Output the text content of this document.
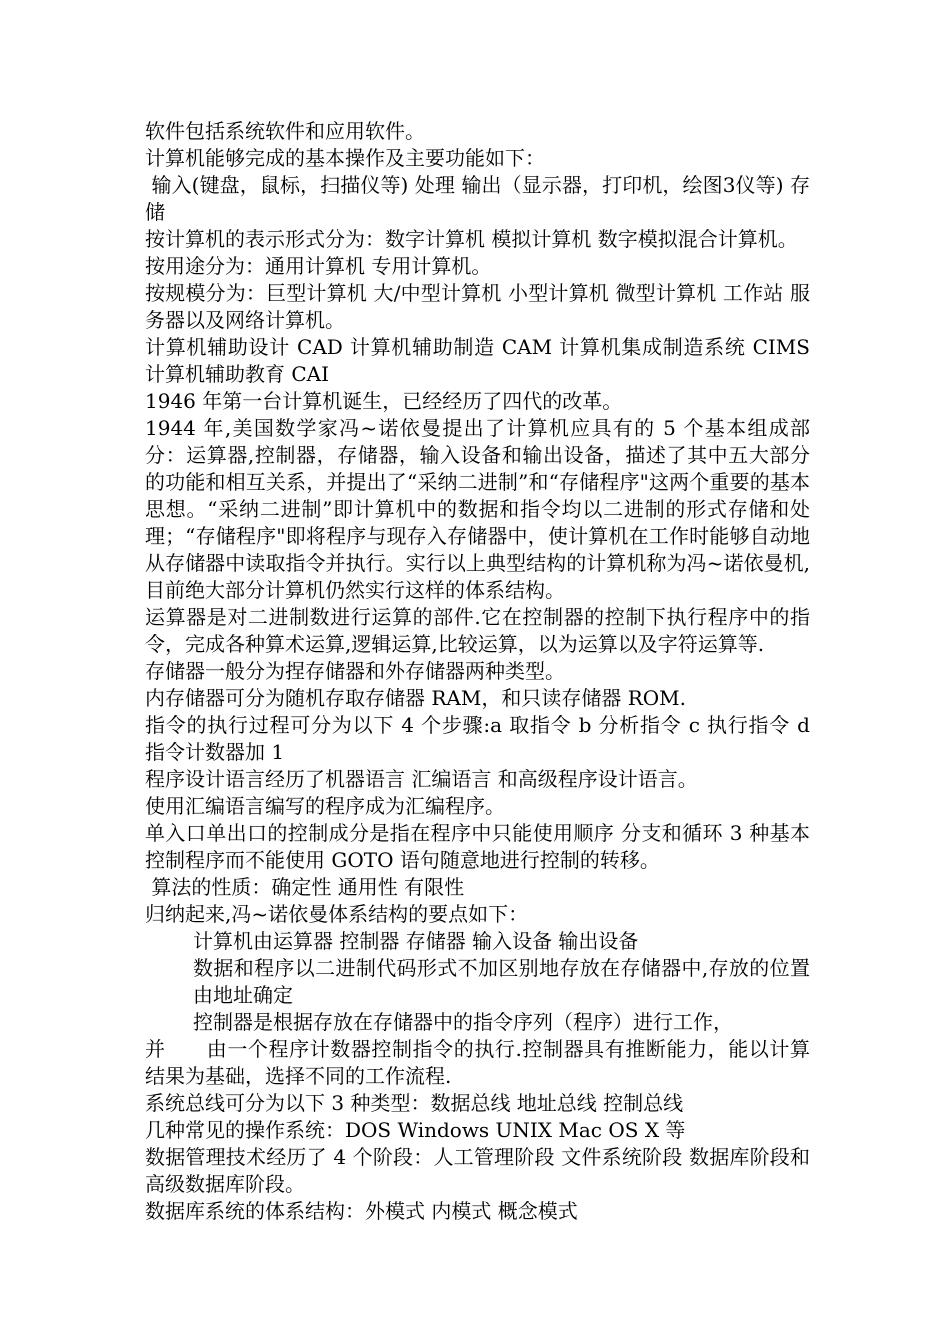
软件包括系统软件和应用软件。

计算机能够完成的基本操作及主要功能如下：

输入(键盘，鼠标，扫描仪等) 处理 输出（显示器，打印机，绘图3仪等) 存储

按计算机的表示形式分为：数字计算机 模拟计算机 数字模拟混合计算机。

按用途分为：通用计算机 专用计算机。

按规模分为：巨型计算机 大/中型计算机 小型计算机 微型计算机 工作站 服务器以及网络计算机。

计算机辅助设计 CAD 计算机辅助制造 CAM 计算机集成制造系统 CIMS 计算机辅助教育 CAI

1946 年第一台计算机诞生，已经经历了四代的改革。

1944 年,美国数学家冯~诺依曼提出了计算机应具有的 5 个基本组成部分：运算器,控制器，存储器，输入设备和输出设备，描述了其中五大部分的功能和相互关系，并提出了“采纳二进制”和“存储程序"这两个重要的基本思想。“采纳二进制”即计算机中的数据和指令均以二进制的形式存储和处理；“存储程序"即将程序与现存入存储器中，使计算机在工作时能够自动地从存储器中读取指令并执行。实行以上典型结构的计算机称为冯~诺依曼机,目前绝大部分计算机仍然实行这样的体系结构。

运算器是对二进制数进行运算的部件.它在控制器的控制下执行程序中的指令，完成各种算术运算,逻辑运算,比较运算，以为运算以及字符运算等.

存储器一般分为捏存储器和外存储器两种类型。

内存储器可分为随机存取存储器 RAM，和只读存储器 ROM.

指令的执行过程可分为以下 4 个步骤:a 取指令 b 分析指令 c 执行指令 d 指令计数器加 1

程序设计语言经历了机器语言 汇编语言 和高级程序设计语言。

使用汇编语言编写的程序成为汇编程序。

单入口单出口的控制成分是指在程序中只能使用顺序 分支和循环 3 种基本控制程序而不能使用 GOTO 语句随意地进行控制的转移。

算法的性质：确定性 通用性 有限性

归纳起来,冯~诺依曼体系结构的要点如下：

计算机由运算器 控制器 存储器 输入设备 输出设备

数据和程序以二进制代码形式不加区别地存放在存储器中,存放的位置由地址确定

控制器是根据存放在存储器中的指令序列（程序）进行工作，

并　　由一个程序计数器控制指令的执行.控制器具有推断能力，能以计算结果为基础，选择不同的工作流程.

系统总线可分为以下 3 种类型：数据总线 地址总线 控制总线

几种常见的操作系统：DOS Windows UNIX Mac OS X 等

数据管理技术经历了 4 个阶段：人工管理阶段 文件系统阶段 数据库阶段和高级数据库阶段。

数据库系统的体系结构：外模式 内模式 概念模式
